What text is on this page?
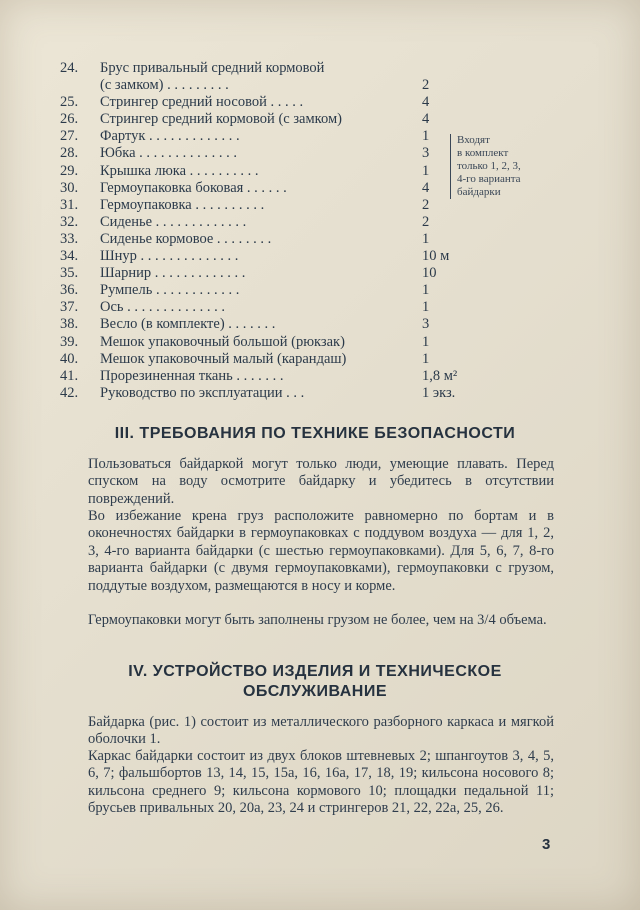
24.	Брус привальный средний кормовой
(с замком) . . . . . . . . .	2
25.	Стрингер средний носовой . . . . .	4
26.	Стрингер средний кормовой (с замком)	4
27.	Фартук . . . . . . . . . . . . .	1
28.	Юбка . . . . . . . . . . . . . .	3
29.	Крышка люка . . . . . . . . . .	1
30.	Гермоупаковка боковая . . . . . .	4
31.	Гермоупаковка . . . . . . . . . .	2
32.	Сиденье . . . . . . . . . . . . .	2
33.	Сиденье кормовое . . . . . . . .	1
34.	Шнур . . . . . . . . . . . . . .	10 м
35.	Шарнир . . . . . . . . . . . . .	10
36.	Румпель . . . . . . . . . . . .	1
37.	Ось . . . . . . . . . . . . . .	1
38.	Весло (в комплекте) . . . . . . .	3
39.	Мешок упаковочный большой (рюкзак)	1
40.	Мешок упаковочный малый (карандаш)	1
41.	Прорезиненная ткань . . . . . . .	1,8 м²
42.	Руководство по эксплуатации . . .	1 экз.
Входят
в комплект
только 1, 2, 3,
4-го варианта
байдарки
III. ТРЕБОВАНИЯ ПО ТЕХНИКЕ БЕЗОПАСНОСТИ

Пользоваться байдаркой могут только люди, умеющие плавать. Перед спуском на воду осмотрите байдарку и убедитесь в отсутствии повреждений.

Во избежание крена груз расположите равномерно по бортам и в оконечностях байдарки в гермоупаковках с поддувом воздуха — для 1, 2, 3, 4-го варианта байдарки (с шестью гермоупаковками). Для 5, 6, 7, 8-го варианта байдарки (с двумя гермоупаковками), гермоупаковки с грузом, поддутые воздухом, размещаются в носу и корме.

Гермоупаковки могут быть заполнены грузом не более, чем на 3/4 объема.

IV. УСТРОЙСТВО ИЗДЕЛИЯ И ТЕХНИЧЕСКОЕ
ОБСЛУЖИВАНИЕ

Байдарка (рис. 1) состоит из металлического разборного каркаса и мягкой оболочки 1.

Каркас байдарки состоит из двух блоков штевневых 2; шпангоутов 3, 4, 5, 6, 7; фальшбортов 13, 14, 15, 15а, 16, 16а, 17, 18, 19; кильсона носового 8; кильсона среднего 9; кильсона кормового 10; площадки педальной 11; брусьев привальных 20, 20а, 23, 24 и стрингеров 21, 22, 22а, 25, 26.

3
